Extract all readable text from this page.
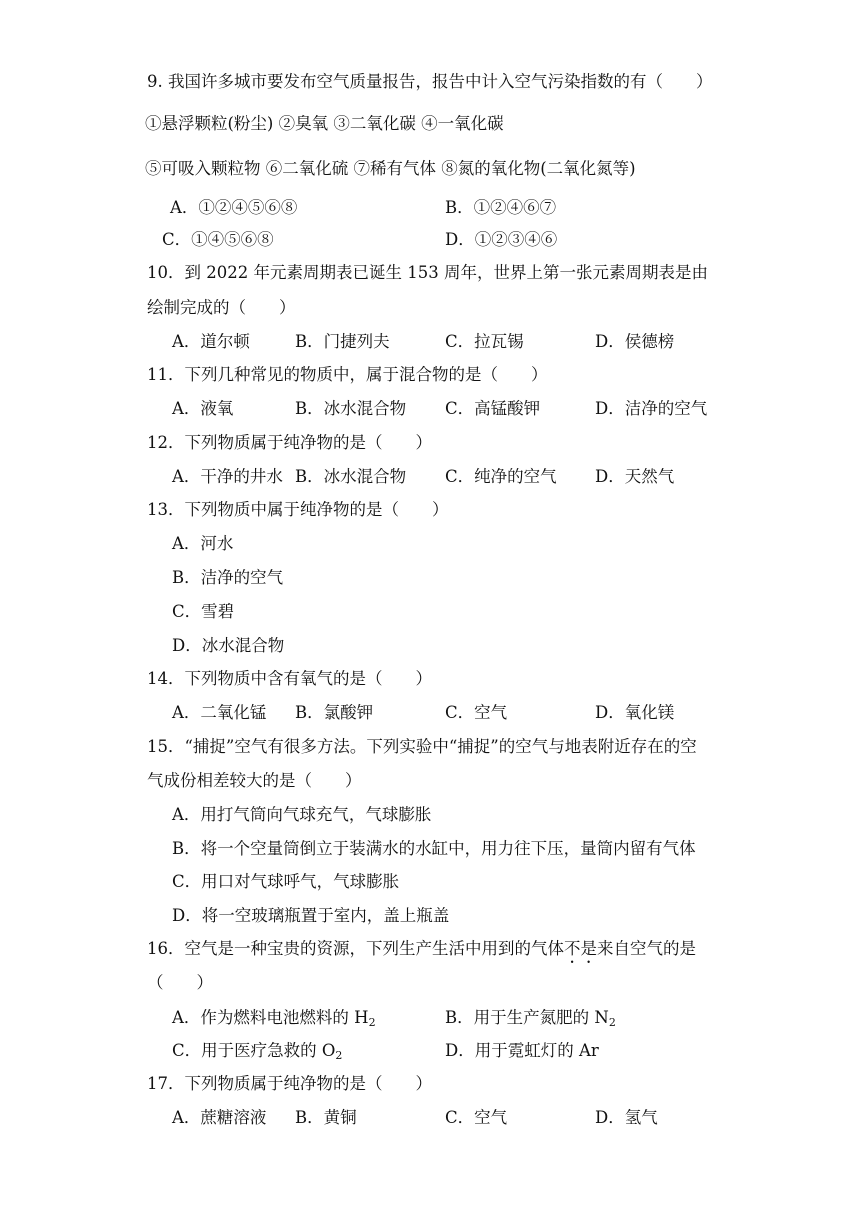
9. 我国许多城市要发布空气质量报告，报告中计入空气污染指数的有（　　）
①悬浮颗粒(粉尘) ②臭氧 ③二氧化碳 ④一氧化碳
⑤可吸入颗粒物 ⑥二氧化硫 ⑦稀有气体 ⑧氮的氧化物(二氧化氮等)
A．①②④⑤⑥⑧	B．①②④⑥⑦
C．①④⑤⑥⑧	D．①②③④⑥
10．到 2022 年元素周期表已诞生 153 周年，世界上第一张元素周期表是由
绘制完成的（　　）
A．道尔顿	B．门捷列夫	C．拉瓦锡	D．侯德榜
11．下列几种常见的物质中，属于混合物的是（　　）
A．液氧	B．冰水混合物 C．高锰酸钾	D．洁净的空气
12．下列物质属于纯净物的是（　　）
A．干净的井水 B．冰水混合物 C．纯净的空气 D．天然气
13．下列物质中属于纯净物的是（　　）
A．河水
B．洁净的空气
C．雪碧
D．冰水混合物
14．下列物质中含有氧气的是（　　）
A．二氧化锰 B．氯酸钾	C．空气	D．氧化镁
15．“捕捉”空气有很多方法。下列实验中“捕捉”的空气与地表附近存在的空
气成份相差较大的是（　　）
A．用打气筒向气球充气，气球膨胀
B．将一个空量筒倒立于装满水的水缸中，用力往下压，量筒内留有气体
C．用口对气球呼气，气球膨胀
D．将一空玻璃瓶置于室内，盖上瓶盖
16．空气是一种宝贵的资源，下列生产生活中用到的气体不是来自空气的是
（　　）
A．作为燃料电池燃料的 $H_2$	B．用于生产氮肥的 $N_2$
C．用于医疗急救的 $O_2$	D．用于霓虹灯的 Ar
17．下列物质属于纯净物的是（　　）
A．蔗糖溶液 B．黄铜	C．空气	D．氢气
